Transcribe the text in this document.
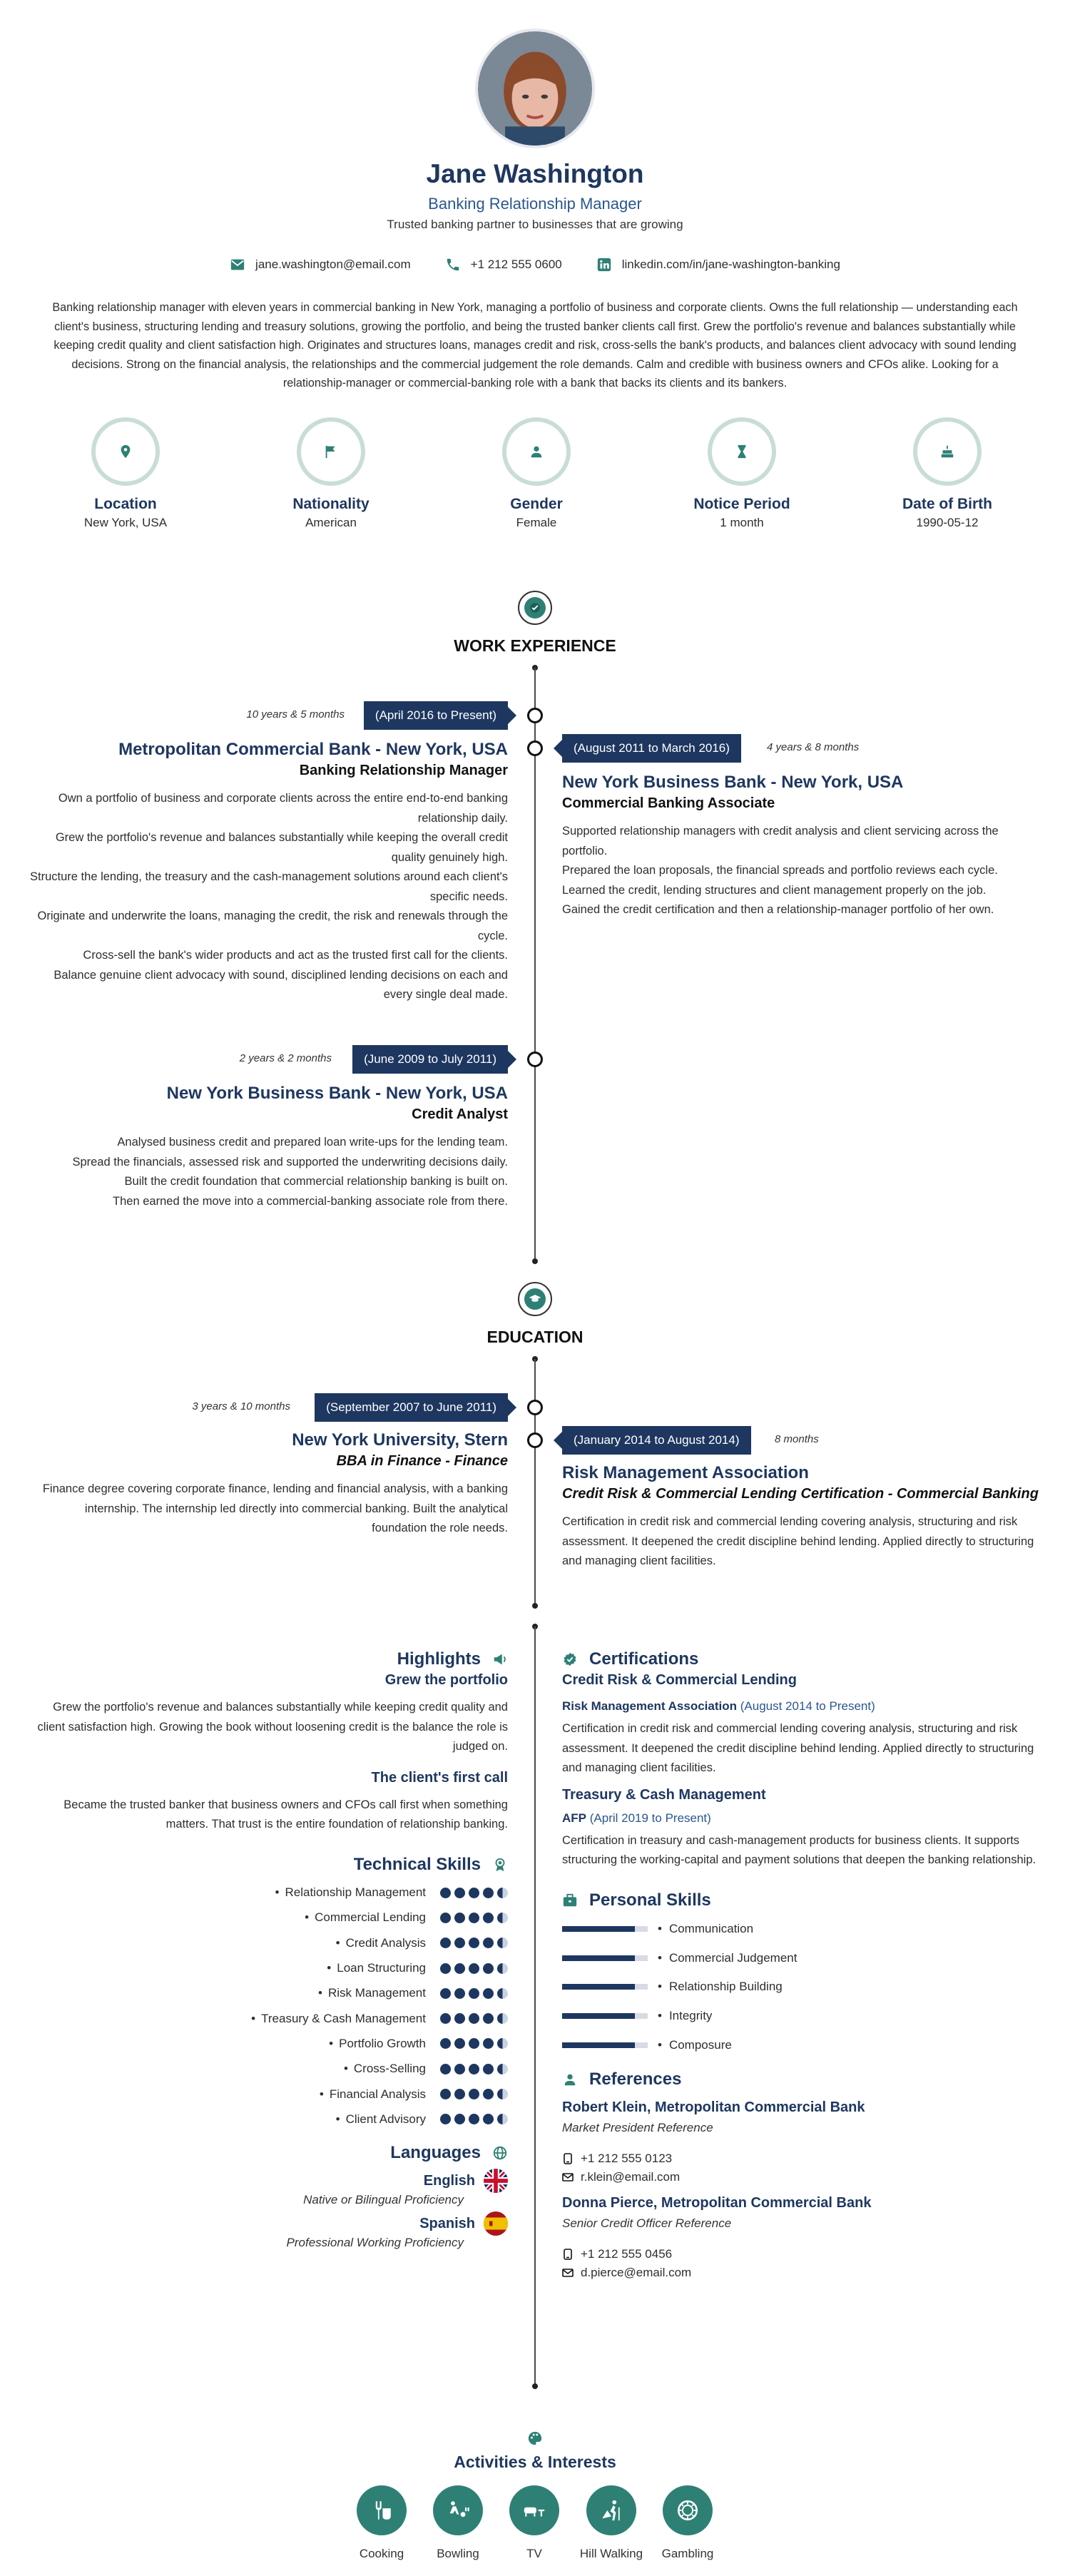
Jane Washington
Banking Relationship Manager
Trusted banking partner to businesses that are growing
jane.washington@email.com	+1 212 555 0600	linkedin.com/in/jane-washington-banking
Banking relationship manager with eleven years in commercial banking in New York, managing a portfolio of business and corporate clients. Owns the full relationship — understanding each client's business, structuring lending and treasury solutions, growing the portfolio, and being the trusted banker clients call first. Grew the portfolio's revenue and balances substantially while keeping credit quality and client satisfaction high. Originates and structures loans, manages credit and risk, cross-sells the bank's products, and balances client advocacy with sound lending decisions. Strong on the financial analysis, the relationships and the commercial judgement the role demands. Calm and credible with business owners and CFOs alike. Looking for a relationship-manager or commercial-banking role with a bank that backs its clients and its bankers.
Location
New York, USA
Nationality
American
Gender
Female
Notice Period
1 month
Date of Birth
1990-05-12
WORK EXPERIENCE
10 years & 5 months	(April 2016 to Present)
Metropolitan Commercial Bank - New York, USA
Banking Relationship Manager

Own a portfolio of business and corporate clients across the entire end-to-end banking relationship daily.

Grew the portfolio's revenue and balances substantially while keeping the overall credit quality genuinely high.

Structure the lending, the treasury and the cash-management solutions around each client's specific needs.

Originate and underwrite the loans, managing the credit, the risk and renewals through the cycle.

Cross-sell the bank's wider products and act as the trusted first call for the clients.

Balance genuine client advocacy with sound, disciplined lending decisions on each and every single deal made.

(August 2011 to March 2016)	4 years & 8 months
New York Business Bank - New York, USA
Commercial Banking Associate

Supported relationship managers with credit analysis and client servicing across the portfolio.

Prepared the loan proposals, the financial spreads and portfolio reviews each cycle.

Learned the credit, lending structures and client management properly on the job.

Gained the credit certification and then a relationship-manager portfolio of her own.

2 years & 2 months	(June 2009 to July 2011)
New York Business Bank - New York, USA
Credit Analyst

Analysed business credit and prepared loan write-ups for the lending team.

Spread the financials, assessed risk and supported the underwriting decisions daily.

Built the credit foundation that commercial relationship banking is built on.

Then earned the move into a commercial-banking associate role from there.

EDUCATION
3 years & 10 months	(September 2007 to June 2011)
New York University, Stern
BBA in Finance - Finance
Finance degree covering corporate finance, lending and financial analysis, with a banking internship. The internship led directly into commercial banking. Built the analytical foundation the role needs.
(January 2014 to August 2014)	8 months
Risk Management Association
Credit Risk & Commercial Lending Certification - Commercial Banking
Certification in credit risk and commercial lending covering analysis, structuring and risk assessment. It deepened the credit discipline behind lending. Applied directly to structuring and managing client facilities.
Highlights
Grew the portfolio
Grew the portfolio's revenue and balances substantially while keeping credit quality and client satisfaction high. Growing the book without loosening credit is the balance the role is judged on.
The client's first call
Became the trusted banker that business owners and CFOs call first when something matters. That trust is the entire foundation of relationship banking.
Technical Skills
• Relationship Management
• Commercial Lending
• Credit Analysis
• Loan Structuring
• Risk Management
• Treasury & Cash Management
• Portfolio Growth
• Cross-Selling
• Financial Analysis
• Client Advisory
Languages
English
Native or Bilingual Proficiency
Spanish
Professional Working Proficiency
Certifications
Credit Risk & Commercial Lending
Risk Management Association (August 2014 to Present)
Certification in credit risk and commercial lending covering analysis, structuring and risk assessment. It deepened the credit discipline behind lending. Applied directly to structuring and managing client facilities.
Treasury & Cash Management
AFP (April 2019 to Present)
Certification in treasury and cash-management products for business clients. It supports structuring the working-capital and payment solutions that deepen the banking relationship.
Personal Skills
• Communication
• Commercial Judgement
• Relationship Building
• Integrity
• Composure
References
Robert Klein, Metropolitan Commercial Bank
Market President Reference
+1 212 555 0123
r.klein@email.com
Donna Pierce, Metropolitan Commercial Bank
Senior Credit Officer Reference
+1 212 555 0456
d.pierce@email.com
Activities & Interests
Cooking	Bowling	TV	Hill Walking	Gambling
